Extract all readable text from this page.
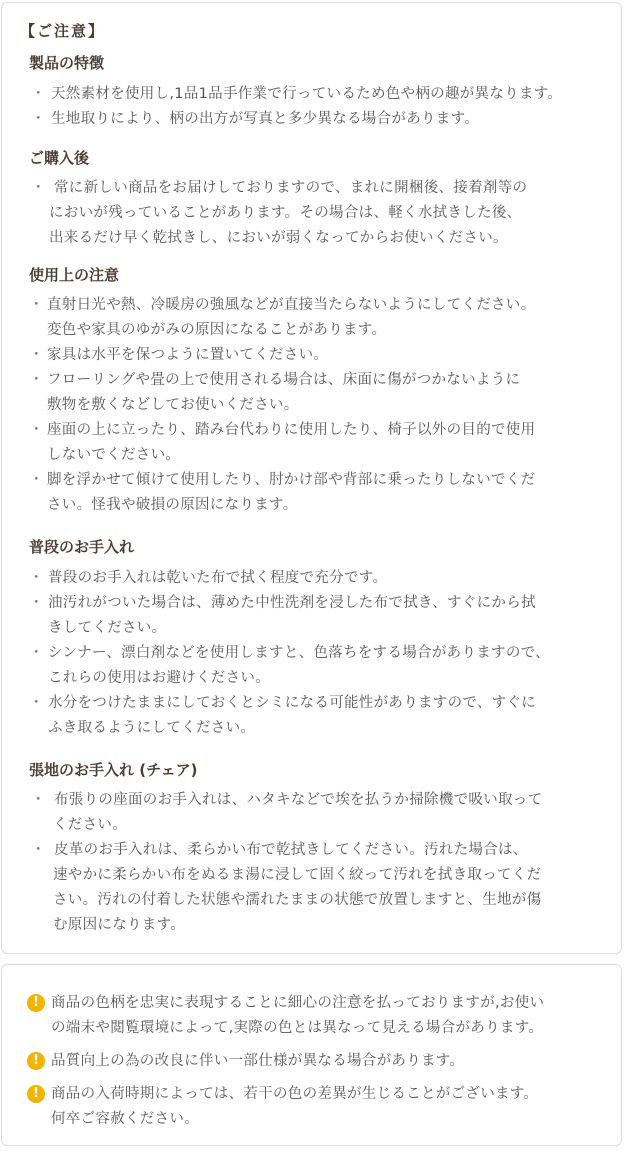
【ご注意】
製品の特徴
・ 天然素材を使用し,1品1品手作業で行っているため色や柄の趣が異なります。
・ 生地取りにより、柄の出方が写真と多少異なる場合があります。
ご購入後
・ 常に新しい商品をお届けしておりますので、まれに開梱後、接着剤等の
においが残っていることがあります。その場合は、軽く水拭きした後、
出来るだけ早く乾拭きし、においが弱くなってからお使いください。
使用上の注意
・ 直射日光や熱、冷暖房の強風などが直接当たらないようにしてください。
変色や家具のゆがみの原因になることがあります。
・ 家具は水平を保つように置いてください。
・ フローリングや畳の上で使用される場合は、床面に傷がつかないように
敷物を敷くなどしてお使いください。
・ 座面の上に立ったり、踏み台代わりに使用したり、椅子以外の目的で使用
しないでください。
・ 脚を浮かせて傾けて使用したり、肘かけ部や背部に乗ったりしないでくだ
さい。怪我や破損の原因になります。
普段のお手入れ
・ 普段のお手入れは乾いた布で拭く程度で充分です。
・ 油汚れがついた場合は、薄めた中性洗剤を浸した布で拭き、すぐにから拭
きしてください。
・ シンナー、漂白剤などを使用しますと、色落ちをする場合がありますので、
これらの使用はお避けください。
・ 水分をつけたままにしておくとシミになる可能性がありますので、すぐに
ふき取るようにしてください。
張地のお手入れ (チェア)
・ 布張りの座面のお手入れは、ハタキなどで埃を払うか掃除機で吸い取って
ください。
・ 皮革のお手入れは、柔らかい布で乾拭きしてください。汚れた場合は、
速やかに柔らかい布をぬるま湯に浸して固く絞って汚れを拭き取ってくだ
さい。汚れの付着した状態や濡れたままの状態で放置しますと、生地が傷
む原因になります。
! 商品の色柄を忠実に表現することに細心の注意を払っておりますが,お使い
の端末や閲覧環境によって,実際の色とは異なって見える場合があります。
! 品質向上の為の改良に伴い一部仕様が異なる場合があります。
! 商品の入荷時期によっては、若干の色の差異が生じることがございます。
何卒ご容赦ください。
